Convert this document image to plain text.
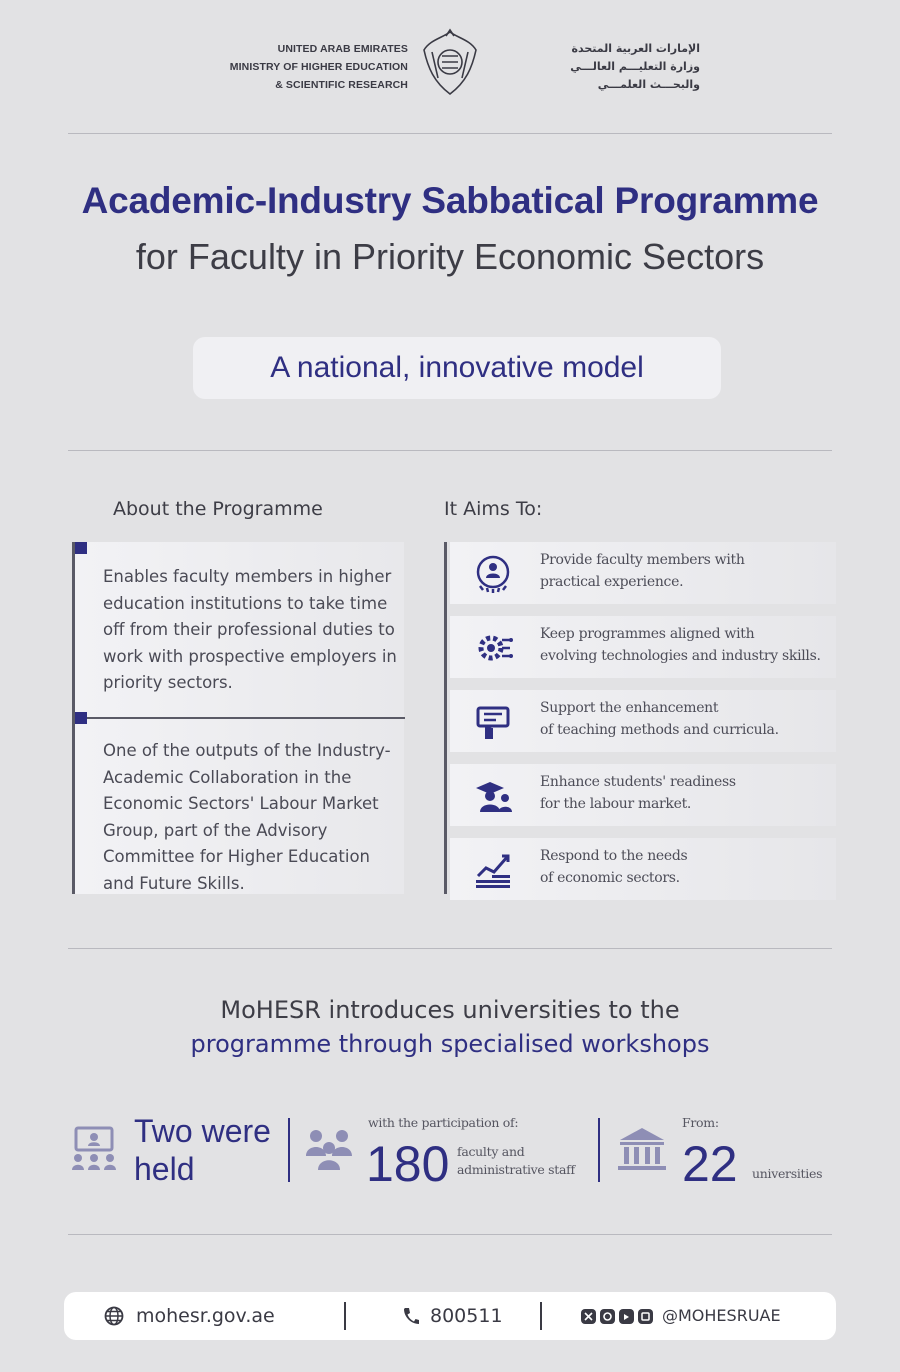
UNITED ARAB EMIRATES
MINISTRY OF HIGHER EDUCATION
& SCIENTIFIC RESEARCH
الإمارات العربية المتحدة
وزارة التعليـــم العالـــي
والبحـــث العلمـــي
Academic-Industry Sabbatical Programme
for Faculty in Priority Economic Sectors
A national, innovative model
About the Programme	It Aims To:
Enables faculty members in higher education institutions to take time off from their professional duties to work with prospective employers in priority sectors.
One of the outputs of the Industry-Academic Collaboration in the Economic Sectors' Labour Market Group, part of the Advisory Committee for Higher Education and Future Skills.
Provide faculty members with
practical experience.
Keep programmes aligned with
evolving technologies and industry skills.
Support the enhancement
of teaching methods and curricula.
Enhance students' readiness
for the labour market.
Respond to the needs
of economic sectors.
MoHESR introduces universities to the
programme through specialised workshops
Two were
held
with the participation of:
180 faculty and
administrative staff
From:
22 universities
mohesr.gov.ae	800511	@MOHESRUAE
